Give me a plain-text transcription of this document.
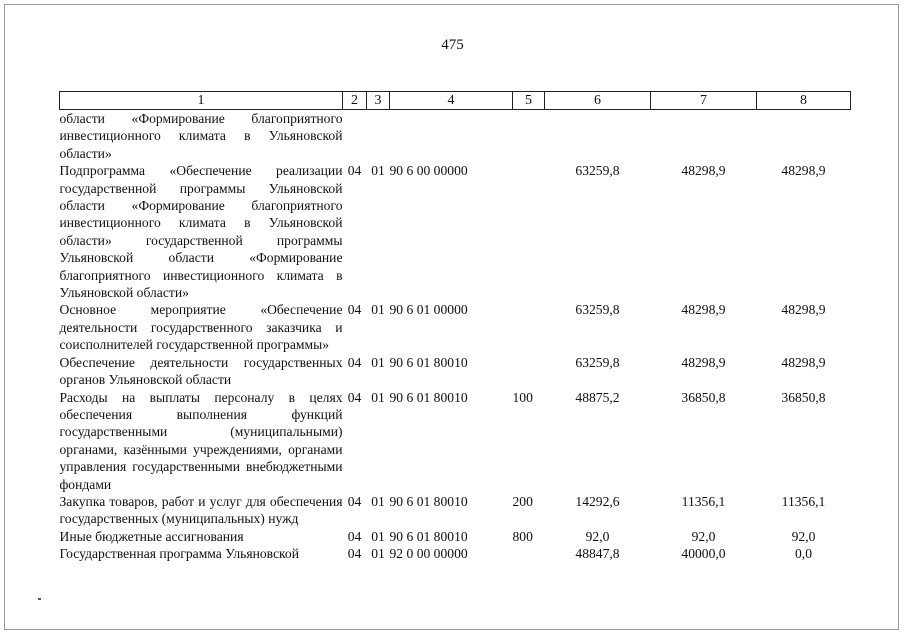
475
1	2	3	4	5	6	7	8
области «Формирование благоприятного инвестиционного климата в Ульяновской области»							
Подпрограмма «Обеспечение реализации государственной программы Ульяновской области «Формирование благоприятного инвестиционного климата в Ульяновской области» государственной программы Ульяновской области «Формирование благоприятного инвестиционного климата в Ульяновской области»	04	01	90 6 00 00000		63259,8	48298,9	48298,9
Основное мероприятие «Обеспечение деятельности государственного заказчика и соисполнителей государственной программы»	04	01	90 6 01 00000		63259,8	48298,9	48298,9
Обеспечение деятельности государственных органов Ульяновской области	04	01	90 6 01 80010		63259,8	48298,9	48298,9
Расходы на выплаты персоналу в целях обеспечения выполнения функций государственными (муниципальными) органами, казёнными учреждениями, органами управления государственными внебюджетными фондами	04	01	90 6 01 80010	100	48875,2	36850,8	36850,8
Закупка товаров, работ и услуг для обеспечения государственных (муниципальных) нужд	04	01	90 6 01 80010	200	14292,6	11356,1	11356,1
Иные бюджетные ассигнования	04	01	90 6 01 80010	800	92,0	92,0	92,0
Государственная программа Ульяновской	04	01	92 0 00 00000		48847,8	40000,0	0,0
